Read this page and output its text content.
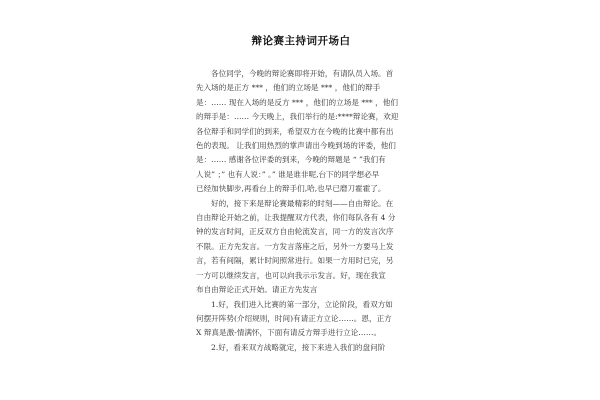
辩论赛主持词开场白
各位同学，今晚的辩论赛即将开始，有请队员入场。首
先入场的是正方 *** ，他们的立场是 *** ，他们的辩手
是：…… 现在入场的是反方 *** ，他们的立场是 *** ，他们
的辩手是：…… 今天晚上，我们举行的是:****辩论赛，欢迎
各位辩手和同学们的到来，希望双方在今晚的比赛中都有出
色的表现。 让我们用热烈的掌声请出今晚到场的评委，他们
是：…… 感谢各位评委的到来，今晚的辩题是 “ ”我们有
人说” ；” 也有人说：” 。” 谁是谁非呢,台下的同学想必早
已经加快脚步,再看台上的辩手们,哈,也早已磨刀霍霍了。
好的，接下来是辩论赛最精彩的时刻——自由辩论。在
自由辩论开始之前，让我提醒双方代表，你们每队各有 4 分
钟的发言时间，正反双方自由轮流发言，同一方的发言次序
不限。正方先发言。一方发言落座之后，另外一方要马上发
言，若有间隔，累计时间照常进行。如果一方用时已完，另
一方可以继续发言，也可以向我示示发言。好，现在我宣
布自由辩论正式开始。请正方先发言
1.好，我们进入比赛的第一部分，立论阶段，看双方如
何摆开阵势(介绍规则，时间)有请正方立论……。恩，正方
X 辩真是激-情满怀，下面有请反方辩手进行立论……。
2.好，看来双方战略就定，接下来进入我们的盘问阶
